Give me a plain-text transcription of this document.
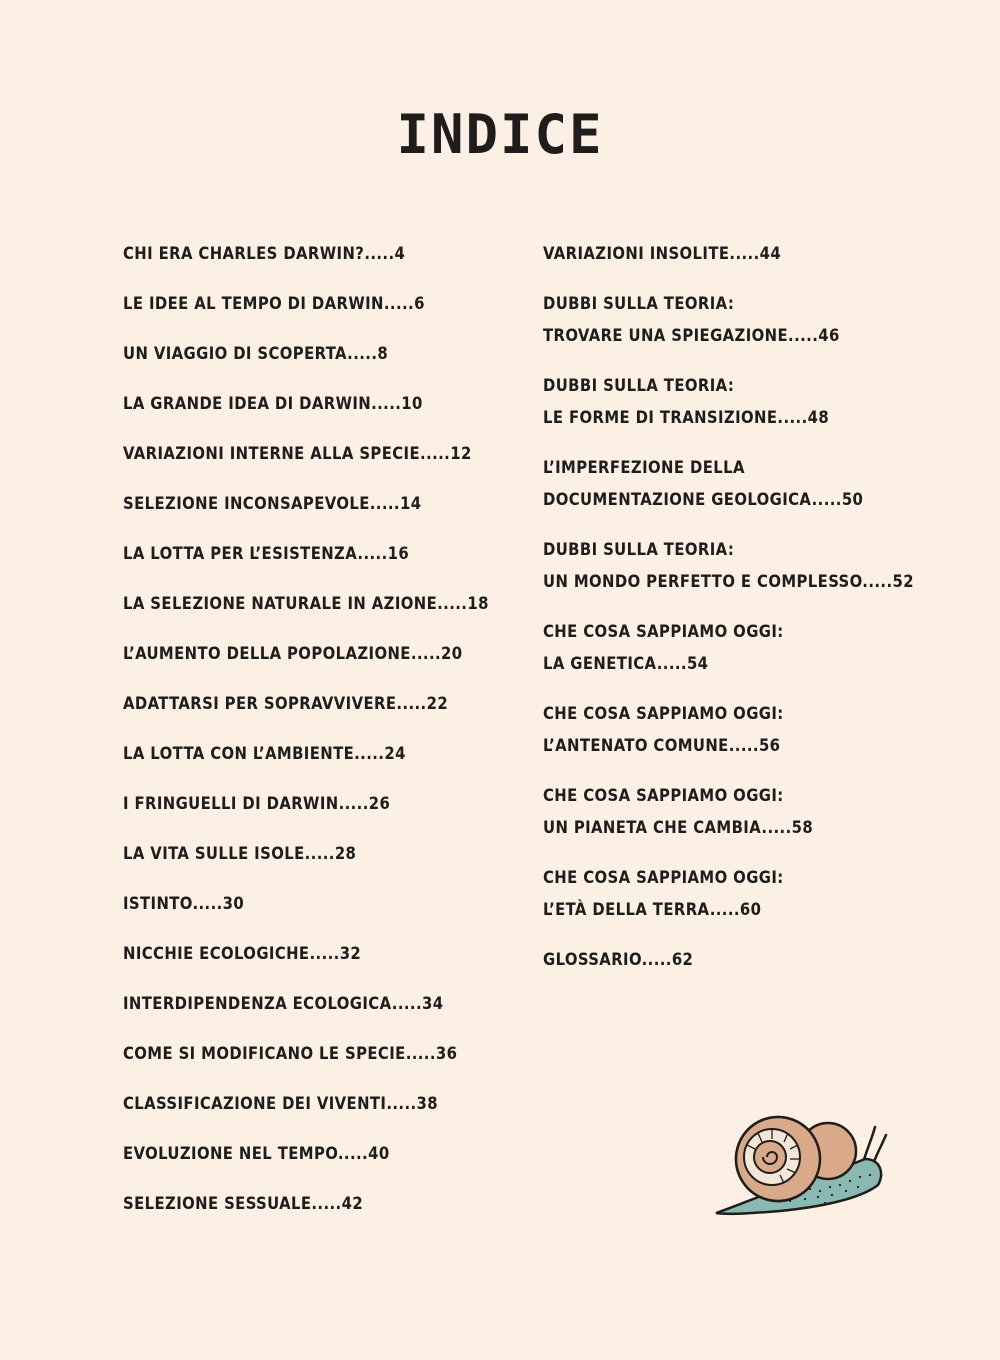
INDICE
CHI ERA CHARLES DARWIN?.....4
LE IDEE AL TEMPO DI DARWIN.....6
UN VIAGGIO DI SCOPERTA.....8
LA GRANDE IDEA DI DARWIN.....10
VARIAZIONI INTERNE ALLA SPECIE.....12
SELEZIONE INCONSAPEVOLE.....14
LA LOTTA PER L’ESISTENZA.....16
LA SELEZIONE NATURALE IN AZIONE.....18
L’AUMENTO DELLA POPOLAZIONE.....20
ADATTARSI PER SOPRAVVIVERE.....22
LA LOTTA CON L’AMBIENTE.....24
I FRINGUELLI DI DARWIN.....26
LA VITA SULLE ISOLE.....28
ISTINTO.....30
NICCHIE ECOLOGICHE.....32
INTERDIPENDENZA ECOLOGICA.....34
COME SI MODIFICANO LE SPECIE.....36
CLASSIFICAZIONE DEI VIVENTI.....38
EVOLUZIONE NEL TEMPO.....40
SELEZIONE SESSUALE.....42
VARIAZIONI INSOLITE.....44
DUBBI SULLA TEORIA:
TROVARE UNA SPIEGAZIONE.....46
DUBBI SULLA TEORIA:
LE FORME DI TRANSIZIONE.....48
L’IMPERFEZIONE DELLA
DOCUMENTAZIONE GEOLOGICA.....50
DUBBI SULLA TEORIA:
UN MONDO PERFETTO E COMPLESSO.....52
CHE COSA SAPPIAMO OGGI:
LA GENETICA.....54
CHE COSA SAPPIAMO OGGI:
L’ANTENATO COMUNE.....56
CHE COSA SAPPIAMO OGGI:
UN PIANETA CHE CAMBIA.....58
CHE COSA SAPPIAMO OGGI:
L’ETÀ DELLA TERRA.....60
GLOSSARIO.....62
